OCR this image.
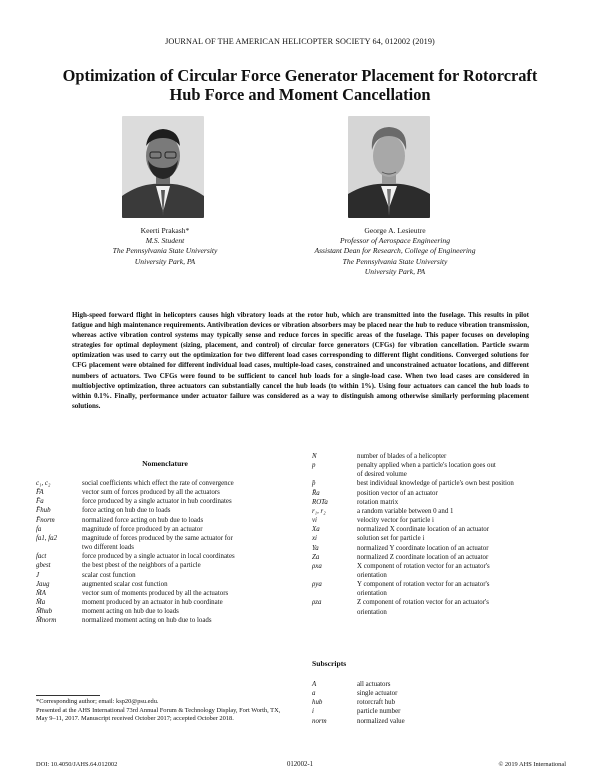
JOURNAL OF THE AMERICAN HELICOPTER SOCIETY 64, 012002 (2019)
Optimization of Circular Force Generator Placement for Rotorcraft Hub Force and Moment Cancellation
Keerti Prakash*
M.S. Student
The Pennsylvania State University
University Park, PA
George A. Lesieutre
Professor of Aerospace Engineering
Assistant Dean for Research, College of Engineering
The Pennsylvania State University
University Park, PA
High-speed forward flight in helicopters causes high vibratory loads at the rotor hub, which are transmitted into the fuselage. This results in pilot fatigue and high maintenance requirements. Antivibration devices or vibration absorbers may be placed near the hub to reduce vibration transmission, whereas active vibration control systems may typically sense and reduce forces in specific areas of the fuselage. This paper focuses on developing strategies for optimal deployment (sizing, placement, and control) of circular force generators (CFGs) for vibration cancellation. Particle swarm optimization was used to carry out the optimization for two different load cases corresponding to different flight conditions. Converged solutions for CFG placement were obtained for different individual load cases, multiple-load cases, constrained and unconstrained actuator locations, and different numbers of actuators. Two CFGs were found to be sufficient to cancel hub loads for a single-load case. When two load cases are considered in multiobjective optimization, three actuators can substantially cancel the hub loads (to within 1%). Using four actuators can cancel the hub loads to within 0.1%. Finally, performance under actuator failure was considered as a way to distinguish among otherwise similarly performing placement solutions.
Nomenclature
c₁, c₂	social coefficients which effect the rate of convergence
F̄A	vector sum of forces produced by all the actuators
F̄a	force produced by a single actuator in hub coordinates
F̄hub	force acting on hub due to loads
F̄norm	normalized force acting on hub due to loads
fa	magnitude of force produced by an actuator
fa1, fa2	magnitude of forces produced by the same actuator for
two different loads
fact	force produced by a single actuator in local coordinates
gbest	the best pbest of the neighbors of a particle
J	scalar cost function
Jaug	augmented scalar cost function
M̄A	vector sum of moments produced by all the actuators
M̄a	moment produced by an actuator in hub coordinate
M̄hub	moment acting on hub due to loads
M̄norm	normalized moment acting on hub due to loads
N	number of blades of a helicopter
p	penalty applied when a particle's location goes out
of desired volume
p̄	best individual knowledge of particle's own best position
R̄a	position vector of an actuator
ROTa	rotation matrix
r₁, r₂	a random variable between 0 and 1
vi	velocity vector for particle i
Xa	normalized X coordinate location of an actuator
xi	solution set for particle i
Ya	normalized Y coordinate location of an actuator
Za	normalized Z coordinate location of an actuator
ρxa	X component of rotation vector for an actuator's
orientation
ρya	Y component of rotation vector for an actuator's
orientation
ρza	Z component of rotation vector for an actuator's
orientation
Subscripts
A	all actuators
a	single actuator
hub	rotorcraft hub
i	particle number
norm	normalized value
*Corresponding author; email: ksp20@psu.edu.
Presented at the AHS International 73rd Annual Forum & Technology Display, Fort Worth, TX, May 9–11, 2017. Manuscript received October 2017; accepted October 2018.
DOI: 10.4050/JAHS.64.012002	012002-1	© 2019 AHS International
